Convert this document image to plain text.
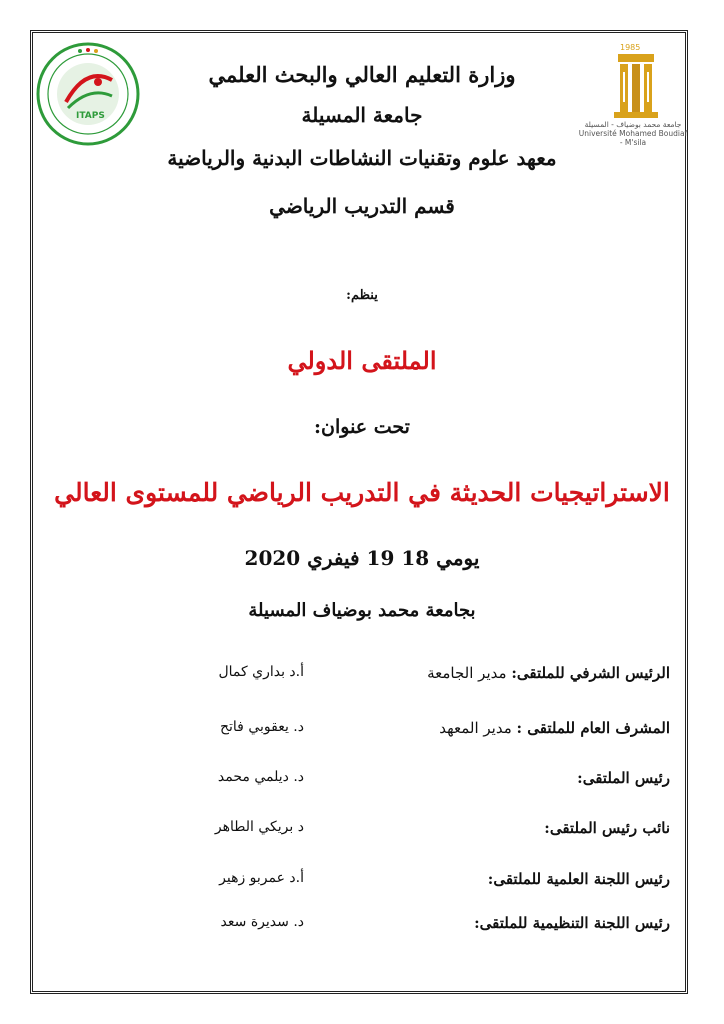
ITAPS
1985
جامعة محمد بوضياف - المسيلة
Université Mohamed Boudiaf - M'sila
وزارة التعليم العالي والبحث العلمي
جامعة المسيلة
معهد علوم وتقنيات النشاطات البدنية والرياضية
قسم التدريب الرياضي
ينظم:
الملتقى الدولي
تحت عنوان:
الاستراتيجيات الحديثة في التدريب الرياضي للمستوى العالي
يومي 18 19 فيفري 2020
بجامعة محمد بوضياف المسيلة
الرئيس الشرفي للملتقى: مدير الجامعة
أ.د بداري كمال
المشرف العام للملتقى : مدير المعهد
د. يعقوبي فاتح
رئيس الملتقى:
د. ديلمي محمد
نائب رئيس الملتقى:
د بريكي الطاهر
رئيس اللجنة العلمية للملتقى:
أ.د عمربو زهير
رئيس اللجنة التنظيمية للملتقى:
د. سديرة سعد
